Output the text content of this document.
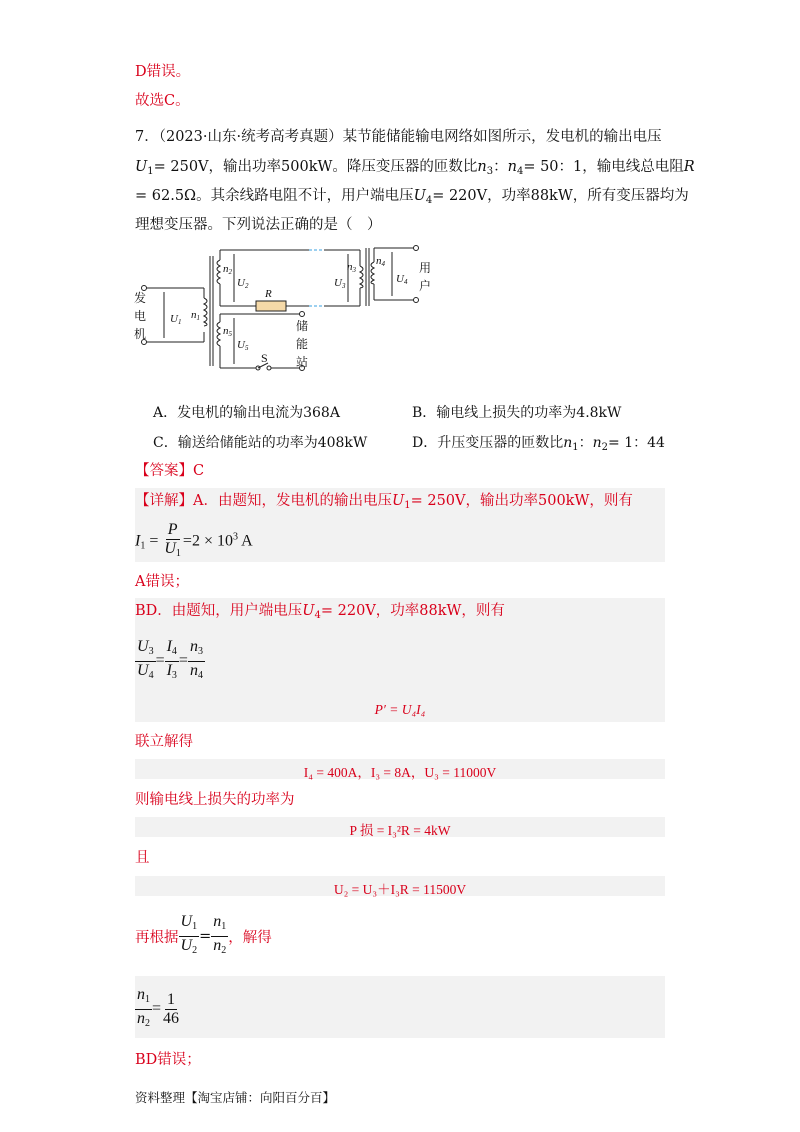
D错误。
故选C。
7．（2023·山东·统考高考真题）某节能储能输电网络如图所示，发电机的输出电压
$U_1= 250V$，输出功率500kW。降压变压器的匝数比$n_3$：$n_4= 50$：1，输电线总电阻R
= 62.5Ω。其余线路电阻不计，用户端电压$U_4= 220V$，功率88kW，所有变压器均为
理想变压器。下列说法正确的是（　）
发
电
机
用
户
储
能
站
U1
n1
n2
U2
n5
U5
U3
n3
n4
U4
R
S
A．发电机的输出电流为368A	B．输电线上损失的功率为4.8kW
C．输送给储能站的功率为408kW	D．升压变压器的匝数比$n_1$：$n_2= 1$：44
【答案】C
【详解】A．由题知，发电机的输出电压$U_1= 250V$，输出功率500kW，则有
$I_1 = \frac{P}{U_1} =2 \times 10^3$ A
A错误；
BD．由题知，用户端电压$U_4= 220V$，功率88kW，则有
$\frac{U_3}{U_4} = \frac{I_4}{I_3} = \frac{n_3}{n_4}$
P′ = U₄I₄
联立解得
I₄ = 400A，I₃ = 8A，U₃ = 11000V
则输电线上损失的功率为
P 损 = I₃²R = 4kW
且
U₂ = U₃＋I₃R = 11500V
再根据 $\frac{U_1}{U_2} = \frac{n_1}{n_2}$ ，解得
$\frac{n_1}{n_2} = \frac{1}{46}$
BD错误；
资料整理【淘宝店铺：向阳百分百】
